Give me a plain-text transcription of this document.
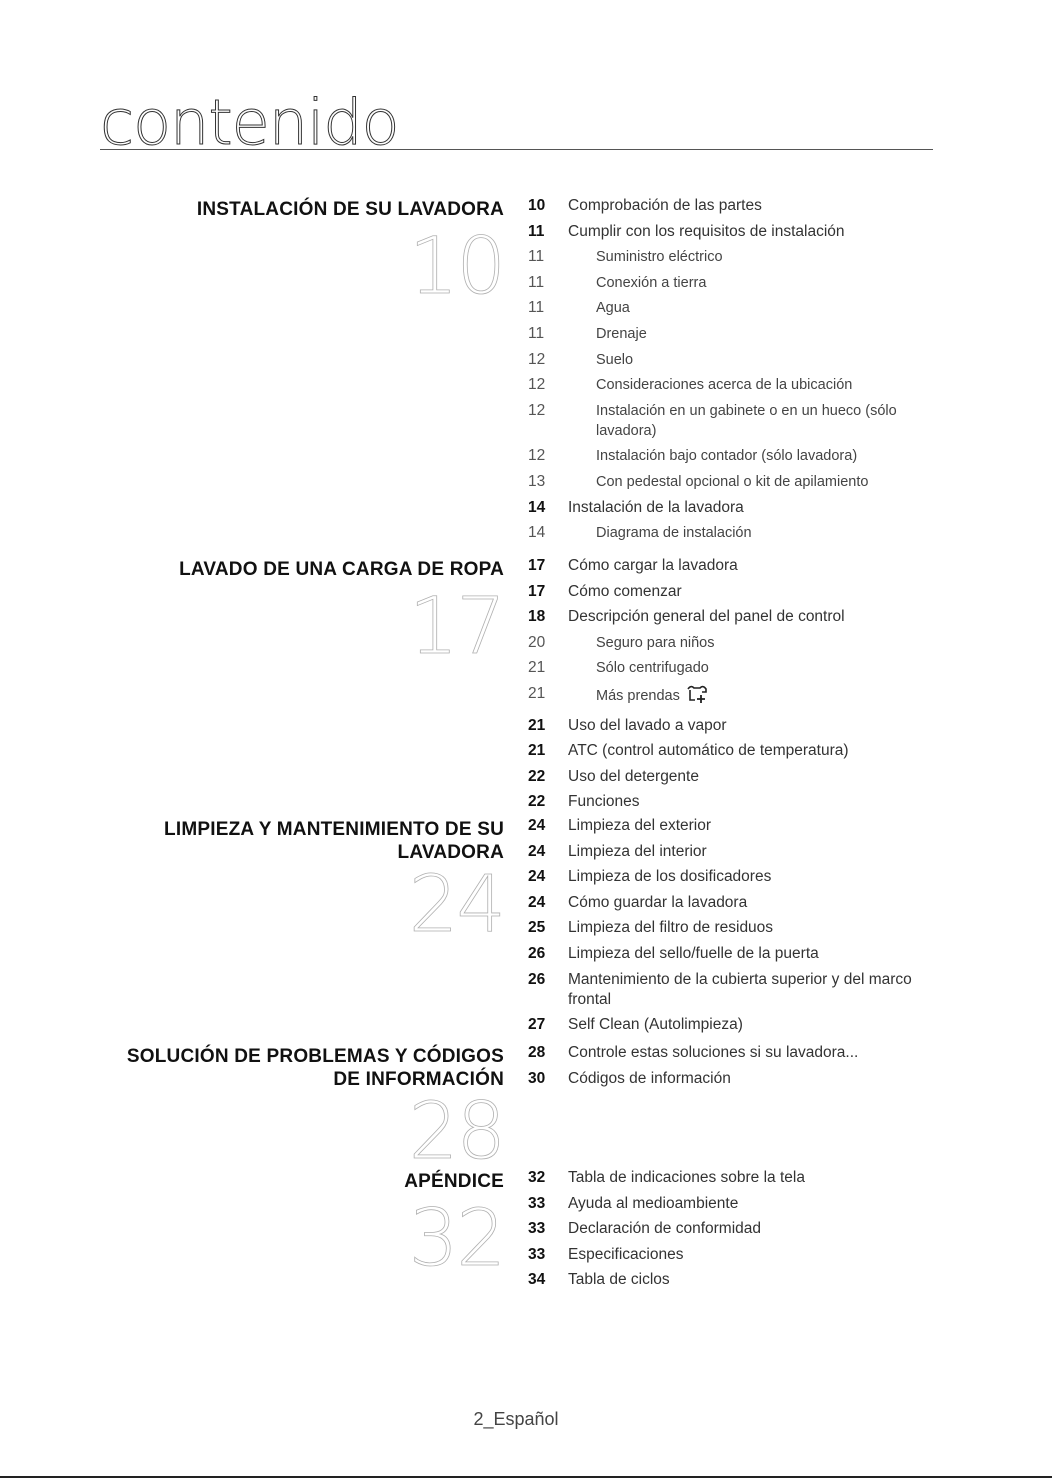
contenido
INSTALACIÓN DE SU LAVADORA
10
10	Comprobación de las partes
11	Cumplir con los requisitos de instalación
11	Suministro eléctrico
11	Conexión a tierra
11	Agua
11	Drenaje
12	Suelo
12	Consideraciones acerca de la ubicación
12	Instalación en un gabinete o en un hueco (sólo lavadora)
12	Instalación bajo contador (sólo lavadora)
13	Con pedestal opcional o kit de apilamiento
14	Instalación de la lavadora
14	Diagrama de instalación
LAVADO DE UNA CARGA DE ROPA
17
17	Cómo cargar la lavadora
17	Cómo comenzar
18	Descripción general del panel de control
20	Seguro para niños
21	Sólo centrifugado
21	Más prendas
21	Uso del lavado a vapor
21	ATC (control automático de temperatura)
22	Uso del detergente
22	Funciones
LIMPIEZA Y MANTENIMIENTO DE SU
LAVADORA
24
24	Limpieza del exterior
24	Limpieza del interior
24	Limpieza de los dosificadores
24	Cómo guardar la lavadora
25	Limpieza del filtro de residuos
26	Limpieza del sello/fuelle de la puerta
26	Mantenimiento de la cubierta superior y del marco frontal
27	Self Clean (Autolimpieza)
SOLUCIÓN DE PROBLEMAS Y CÓDIGOS
DE INFORMACIÓN
28
28	Controle estas soluciones si su lavadora...
30	Códigos de información
APÉNDICE
32
32	Tabla de indicaciones sobre la tela
33	Ayuda al medioambiente
33	Declaración de conformidad
33	Especificaciones
34	Tabla de ciclos
2_Español
